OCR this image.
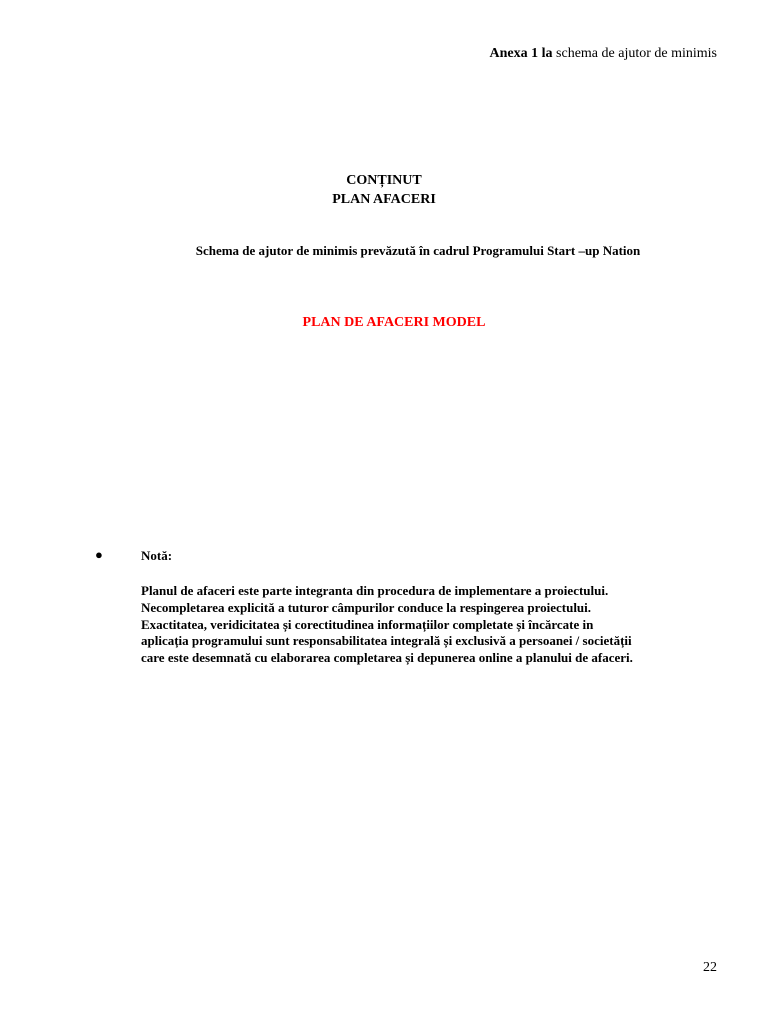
Anexa 1 la schema de ajutor de minimis
CONȚINUT
PLAN AFACERI
Schema de ajutor de minimis prevăzută în cadrul Programului Start –up Nation
PLAN DE AFACERI MODEL
●	Notă:
Planul de afaceri este parte integranta din procedura de implementare a proiectului.
Necompletarea explicită a tuturor câmpurilor conduce la respingerea proiectului.
Exactitatea, veridicitatea și corectitudinea informațiilor completate și încărcate in
aplicația programului sunt responsabilitatea integrală și exclusivă a persoanei / societății
care este desemnată cu elaborarea completarea și depunerea online a planului de afaceri.
22
